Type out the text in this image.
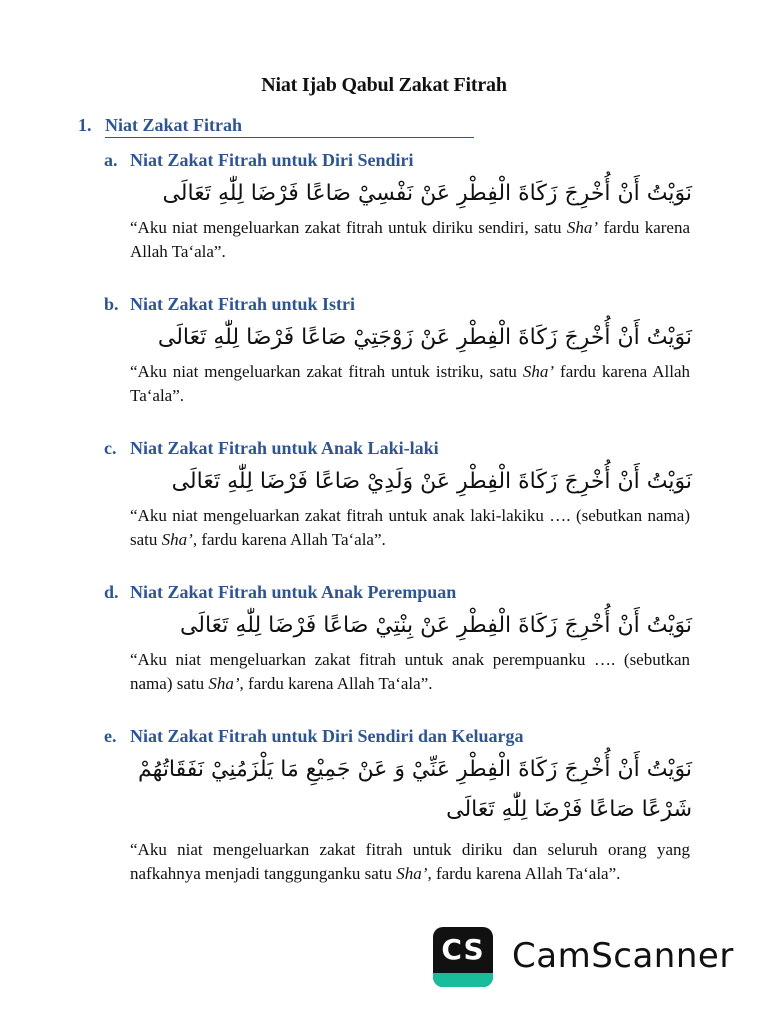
Niat Ijab Qabul Zakat Fitrah
1. Niat Zakat Fitrah
a. Niat Zakat Fitrah untuk Diri Sendiri
نَوَيْتُ أَنْ أُخْرِجَ زَكَاةَ الْفِطْرِ عَنْ نَفْسِيْ صَاعًا فَرْضَا لِلّٰهِ تَعَالَى
“Aku niat mengeluarkan zakat fitrah untuk diriku sendiri, satu Sha’ fardu karena Allah Ta‘ala”.
b. Niat Zakat Fitrah untuk Istri
نَوَيْتُ أَنْ أُخْرِجَ زَكَاةَ الْفِطْرِ عَنْ زَوْجَتِيْ صَاعًا فَرْضَا لِلّٰهِ تَعَالَى
“Aku niat mengeluarkan zakat fitrah untuk istriku, satu Sha’ fardu karena Allah Ta‘ala”.
c. Niat Zakat Fitrah untuk Anak Laki-laki
نَوَيْتُ أَنْ أُخْرِجَ زَكَاةَ الْفِطْرِ عَنْ وَلَدِيْ صَاعًا فَرْضَا لِلّٰهِ تَعَالَى
“Aku niat mengeluarkan zakat fitrah untuk anak laki-lakiku …. (sebutkan nama) satu Sha’, fardu karena Allah Ta‘ala”.
d. Niat Zakat Fitrah untuk Anak Perempuan
نَوَيْتُ أَنْ أُخْرِجَ زَكَاةَ الْفِطْرِ عَنْ بِنْتِيْ صَاعًا فَرْضَا لِلّٰهِ تَعَالَى
“Aku niat mengeluarkan zakat fitrah untuk anak perempuanku …. (sebutkan nama) satu Sha’, fardu karena Allah Ta‘ala”.
e. Niat Zakat Fitrah untuk Diri Sendiri dan Keluarga
نَوَيْتُ أَنْ أُخْرِجَ زَكَاةَ الْفِطْرِ عَنِّيْ وَ عَنْ جَمِيْعِ مَا يَلْزَمُنِيْ نَفَقَاتُهُمْ شَرْعًا صَاعًا فَرْضَا لِلّٰهِ تَعَالَى
“Aku niat mengeluarkan zakat fitrah untuk diriku dan seluruh orang yang nafkahnya menjadi tanggunganku satu Sha’, fardu karena Allah Ta‘ala”.
CS CamScanner
